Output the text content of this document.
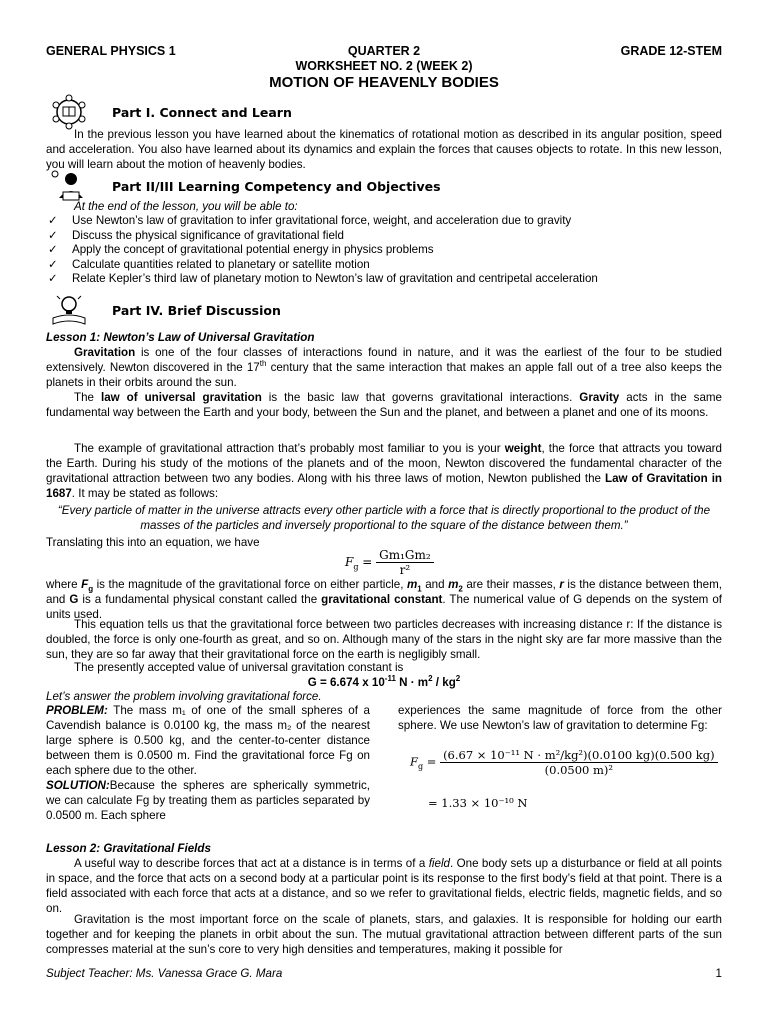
GENERAL PHYSICS 1	QUARTER 2	GRADE 12-STEM
WORKSHEET NO. 2 (WEEK 2)
MOTION OF HEAVENLY BODIES
Part I. Connect and Learn
In the previous lesson you have learned about the kinematics of rotational motion as described in its angular position, speed and acceleration. You also have learned about its dynamics and explain the forces that causes objects to rotate. In this new lesson, you will learn about the motion of heavenly bodies.
Part II/III Learning Competency and Objectives
At the end of the lesson, you will be able to:
✓ Use Newton’s law of gravitation to infer gravitational force, weight, and acceleration due to gravity
✓ Discuss the physical significance of gravitational field
✓ Apply the concept of gravitational potential energy in physics problems
✓ Calculate quantities related to planetary or satellite motion
✓ Relate Kepler’s third law of planetary motion to Newton’s law of gravitation and centripetal acceleration
Part IV. Brief Discussion
Lesson 1: Newton’s Law of Universal Gravitation
Gravitation is one of the four classes of interactions found in nature, and it was the earliest of the four to be studied extensively. Newton discovered in the 17th century that the same interaction that makes an apple fall out of a tree also keeps the planets in their orbits around the sun.
The law of universal gravitation is the basic law that governs gravitational interactions. Gravity acts in the same fundamental way between the Earth and your body, between the Sun and the planet, and between a planet and one of its moons.
The example of gravitational attraction that’s probably most familiar to you is your weight, the force that attracts you toward the Earth. During his study of the motions of the planets and of the moon, Newton discovered the fundamental character of the gravitational attraction between two any bodies. Along with his three laws of motion, Newton published the Law of Gravitation in 1687. It may be stated as follows:
“Every particle of matter in the universe attracts every other particle with a force that is directly proportional to the product of the masses of the particles and inversely proportional to the square of the distance between them.”
Translating this into an equation, we have
$F_g = \frac{\text{Gm₁Gm₂}}{\text{r²}}$
where $F_g$ is the magnitude of the gravitational force on either particle, $m_1$ and $m_2$ are their masses, r is the distance between them, and G is a fundamental physical constant called the gravitational constant. The numerical value of G depends on the system of units used.
This equation tells us that the gravitational force between two particles decreases with increasing distance r: If the distance is doubled, the force is only one-fourth as great, and so on. Although many of the stars in the night sky are far more massive than the sun, they are so far away that their gravitational force on the earth is negligibly small.
The presently accepted value of universal gravitation constant is
G = 6.674 x $10^{-11}$ $N \cdot m^2 / kg^2$
Let’s answer the problem involving gravitational force.
PROBLEM: The mass m₁ of one of the small spheres of a Cavendish balance is 0.0100 kg, the mass m₂ of the nearest large sphere is 0.500 kg, and the center-to-center distance between them is 0.0500 m. Find the gravitational force Fg on each sphere due to the other.
SOLUTION:Because the spheres are spherically symmetric, we can calculate Fg by treating them as particles separated by 0.0500 m. Each sphere
experiences the same magnitude of force from the other sphere. We use Newton’s law of gravitation to determine Fg:
$F_g = \frac{\text{(6.67 × 10⁻¹¹ N · m²/kg²)(0.0100 kg)(0.500 kg)}}{\text{(0.0500 m)²}}$
= 1.33 × 10⁻¹⁰ N
Lesson 2: Gravitational Fields
A useful way to describe forces that act at a distance is in terms of a field. One body sets up a disturbance or field at all points in space, and the force that acts on a second body at a particular point is its response to the first body’s field at that point. There is a field associated with each force that acts at a distance, and so we refer to gravitational fields, electric fields, magnetic fields, and so on.
Gravitation is the most important force on the scale of planets, stars, and galaxies. It is responsible for holding our earth together and for keeping the planets in orbit about the sun. The mutual gravitational attraction between different parts of the sun compresses material at the sun’s core to very high densities and temperatures, making it possible for
Subject Teacher: Ms. Vanessa Grace G. Mara	1
